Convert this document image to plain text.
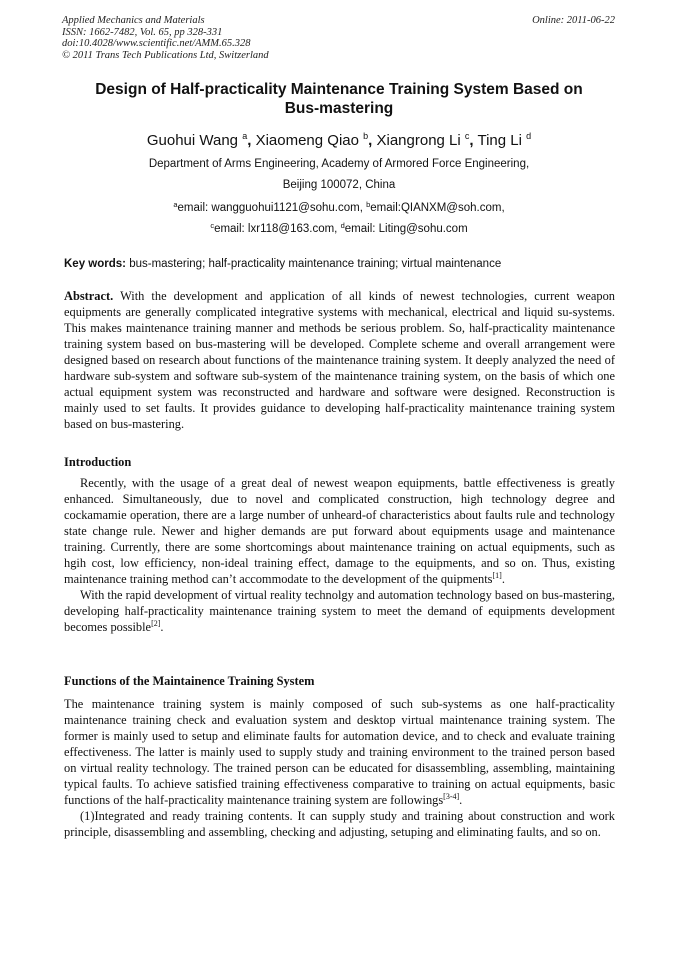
Applied Mechanics and Materials
ISSN: 1662-7482, Vol. 65, pp 328-331
doi:10.4028/www.scientific.net/AMM.65.328
© 2011 Trans Tech Publications Ltd, Switzerland
Online: 2011-06-22
Design of Half-practicality Maintenance Training System Based on
Bus-mastering
Guohui Wang $^a$, Xiaomeng Qiao $^b$, Xiangrong Li $^c$, Ting Li $^d$
Department of Arms Engineering, Academy of Armored Force Engineering,
Beijing 100072, China
$^a$email: wangguohui1121@sohu.com, $^b$email:QIANXM@soh.com,
$^c$email: lxr118@163.com, $^d$email: Liting@sohu.com
Key words: bus-mastering; half-practicality maintenance training; virtual maintenance

Abstract. With the development and application of all kinds of newest technologies, current weapon equipments are generally complicated integrative systems with mechanical, electrical and liquid su-systems. This makes maintenance training manner and methods be serious problem. So, half-practicality maintenance training system based on bus-mastering will be developed. Complete scheme and overall arrangement were designed based on research about functions of the maintenance training system. It deeply analyzed the need of hardware sub-system and software sub-system of the maintenance training system, on the basis of which one actual equipment system was reconstructed and hardware and software were designed. Reconstruction is mainly used to set faults. It provides guidance to developing half-practicality maintenance training system based on bus-mastering.

Introduction

Recently, with the usage of a great deal of newest weapon equipments, battle effectiveness is greatly enhanced. Simultaneously, due to novel and complicated construction, high technology degree and cockamamie operation, there are a large number of unheard-of characteristics about faults rule and technology state change rule. Newer and higher demands are put forward about equipments usage and maintenance training. Currently, there are some shortcomings about maintenance training on actual equipments, such as hgih cost, low efficiency, non-ideal training effect, damage to the equipments, and so on. Thus, existing maintenance training method can’t accommodate to the development of the quipments[1].

With the rapid development of virtual reality technolgy and automation technology based on bus-mastering, developing half-practicality maintenance training system to meet the demand of equipments development becomes possible[2].

Functions of the Maintainence Training System

The maintenance training system is mainly composed of such sub-systems as one half-practicality maintenance training check and evaluation system and desktop virtual maintenance training system. The former is mainly used to setup and eliminate faults for automation device, and to check and evaluate training effectiveness. The latter is mainly used to supply study and training environment to the trained person based on virtual reality technology. The trained person can be educated for disassembling, assembling, maintaining typical faults. To achieve satisfied training effectiveness comparative to training on actual equipments, basic functions of the half-practicality maintenance training system are followings[3-4].

(1)Integrated and ready training contents. It can supply study and training about construction and work principle, disassembling and assembling, checking and adjusting, setuping and eliminating faults, and so on.
